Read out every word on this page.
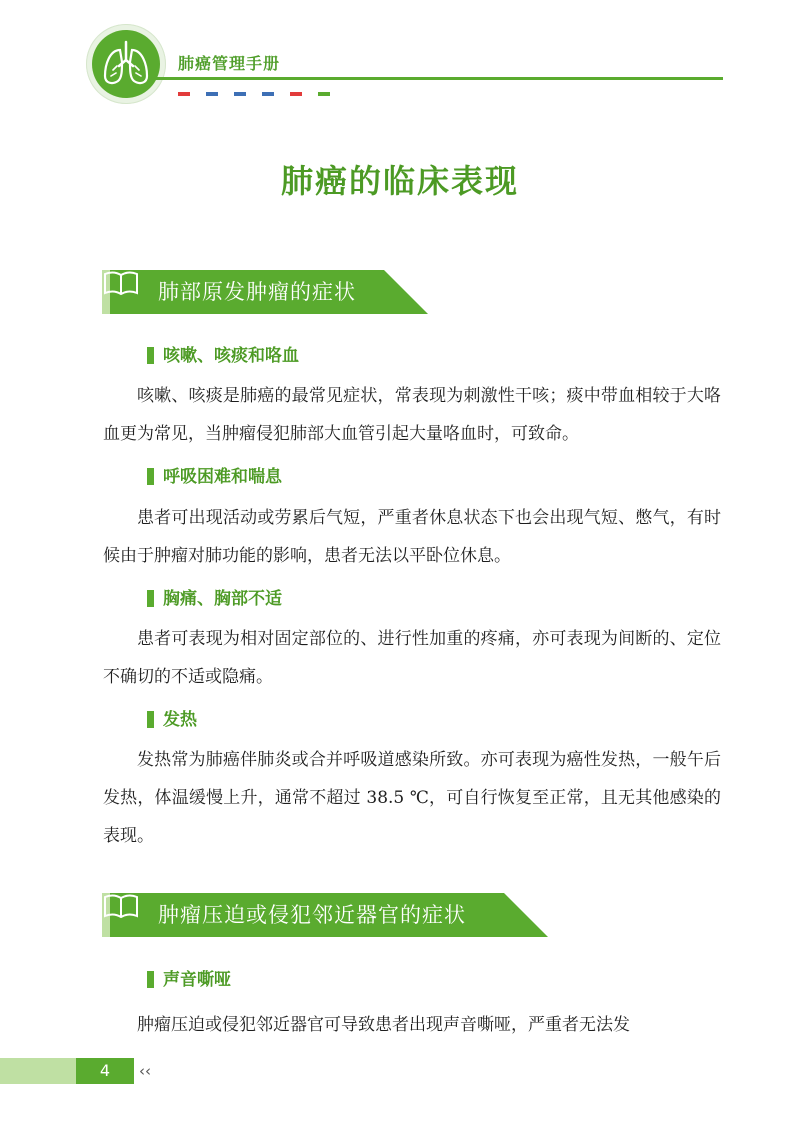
肺癌管理手册
肺癌的临床表现
肺部原发肿瘤的症状
咳嗽、咳痰和咯血
咳嗽、咳痰是肺癌的最常见症状，常表现为刺激性干咳；痰中带血相较于大咯血更为常见，当肿瘤侵犯肺部大血管引起大量咯血时，可致命。
呼吸困难和喘息
患者可出现活动或劳累后气短，严重者休息状态下也会出现气短、憋气，有时候由于肿瘤对肺功能的影响，患者无法以平卧位休息。
胸痛、胸部不适
患者可表现为相对固定部位的、进行性加重的疼痛，亦可表现为间断的、定位不确切的不适或隐痛。
发热
发热常为肺癌伴肺炎或合并呼吸道感染所致。亦可表现为癌性发热，一般午后发热，体温缓慢上升，通常不超过 38.5 ℃，可自行恢复至正常，且无其他感染的表现。
肿瘤压迫或侵犯邻近器官的症状
声音嘶哑
肿瘤压迫或侵犯邻近器官可导致患者出现声音嘶哑，严重者无法发
4	‹‹
